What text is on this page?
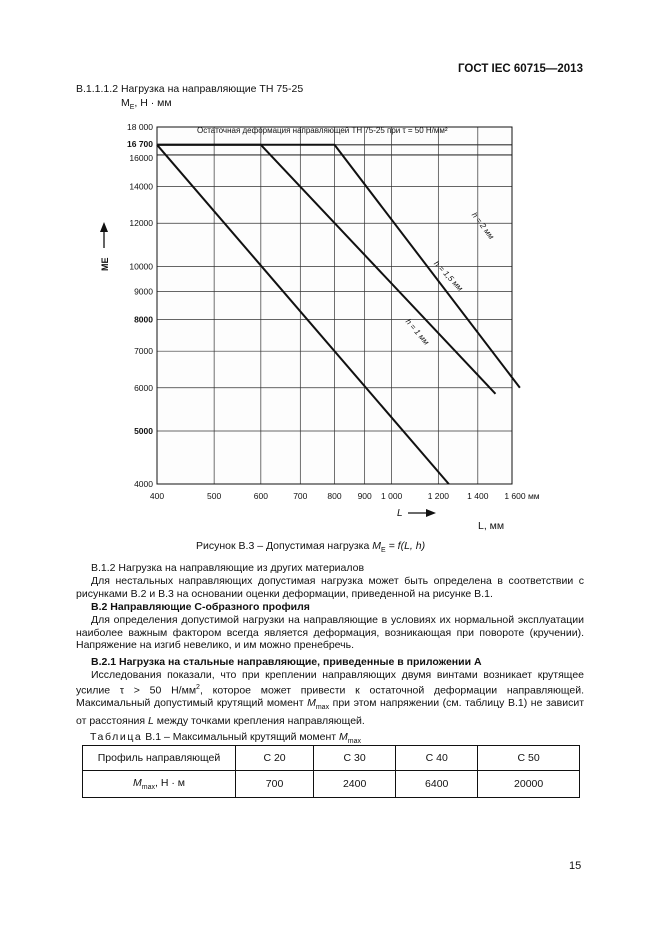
ГОСТ IEC 60715—2013
В.1.1.1.2 Нагрузка на направляющие ТН 75-25
$M_E$, Н · мм
4000
5000
6000
7000
8000
9000
10000
12000
14000
16000
16 700
18 000
400	500	600	700 800 900 1 000	1 200 1 400 1 600 мм
h = 1 мм
h = 1,5 мм
h = 2 мм
Остаточная деформация направляющей ТН 75-25 при τ = 50 Н/мм²
ME
L
L, мм
Рисунок В.3 – Допустимая нагрузка $M_E = f(L$, h)
В.1.2 Нагрузка на направляющие из других материалов
Для нестальных направляющих допустимая нагрузка может быть определена в соответствии с рисунками В.2 и В.3 на основании оценки деформации, приведенной на рисунке В.1.
В.2 Направляющие С-образного профиля
Для определения допустимой нагрузки на направляющие в условиях их нормальной эксплуатации наиболее важным фактором всегда является деформация, возникающая при повороте (кручении). Напряжение на изгиб невелико, и им можно пренебречь.
В.2.1 Нагрузка на стальные направляющие, приведенные в приложении А
Исследования показали, что при креплении направляющих двумя винтами возникает крутящее усилие τ > 50 $Н/мм^2$, которое может привести к остаточной деформации направляющей. Максимальный допустимый крутящий момент $M_{max}$ при этом напряжении (см. таблицу В.1) не зависит от расстояния L между точками крепления направляющей.
Таблица В.1 – Максимальный крутящий момент $M_{max}$
Профиль направляющей	С 20	С 30	С 40	С 50
$M_{max}$, Н · м	700	2400	6400	20000
15
